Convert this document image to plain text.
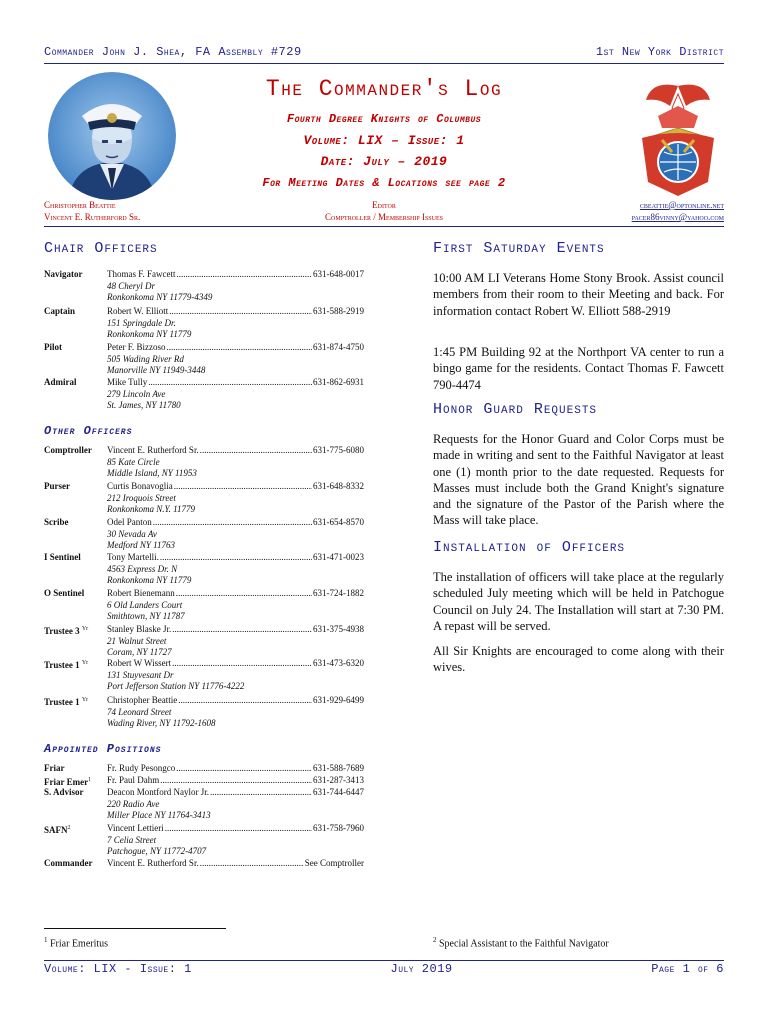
Commander John J. Shea, FA Assembly #729	1st New York District
The Commander's Log
Fourth Degree Knights of Columbus
Volume: LIX – Issue: 1
Date: July – 2019
For Meeting Dates & Locations see page 2
Christopher Beattie	Editor	cbeattie@optonline.net
Vincent E. Rutherford Sr.	Comptroller / Membership Issues	pacer86vinny@yahoo.com
Chair Officers
Navigator	Thomas F. Fawcett .....	631-648-0017
48 Cheryl Dr
Ronkonkoma NY 11779-4349
Captain	Robert W. Elliott .....	631-588-2919
151 Springdale Dr.
Ronkonkoma NY 11779
Pilot	Peter F. Bizzoso .....	631-874-4750
505 Wading River Rd
Manorville NY 11949-3448
Admiral	Mike Tully .....	631-862-6931
279 Lincoln Ave
St. James, NY 11780
Other Officers
Comptroller	Vincent E. Rutherford Sr. .....	631-775-6080
85 Kate Circle
Middle Island, NY 11953
Purser	Curtis Bonavoglia .....	631-648-8332
212 Iroquois Street
Ronkonkoma N.Y. 11779
Scribe	Odel Panton .....	631-654-8570
30 Nevada Av
Medford NY 11763
I Sentinel	Tony Martelli. .....	631-471-0023
4563 Express Dr. N
Ronkonkoma NY 11779
O Sentinel	Robert Bienemann .....	631-724-1882
6 Old Landers Court
Smithtown, NY 11787
Trustee 3 $^{Yr}$	Stanley Blaske Jr. .....	631-375-4938
21 Walnut Street
Coram, NY 11727
Trustee 1 $^{Yr}$	Robert W Wissert .....	631-473-6320
131 Stuyvesant Dr
Port Jefferson Station NY 11776-4222
Trustee 1 $^{Yr}$	Christopher Beattie .....	631-929-6499
74 Leonard Street
Wading River, NY 11792-1608
Appointed Positions
Friar	Fr. Rudy Pesongco .....	631-588-7689
Friar Emer$^1$	Fr. Paul Dahm .....	631-287-3413
S. Advisor	Deacon Montford Naylor Jr. .....	631-744-6447
220 Radio Ave
Miller Place NY 11764-3413
SAFN$^2$	Vincent Lettieri .....	631-758-7960
7 Celia Street
Patchogue, NY 11772-4707
Commander	Vincent E. Rutherford Sr. .....	See Comptroller
First Saturday Events
10:00 AM LI Veterans Home Stony Brook. Assist council members from their room to their Meeting and back. For information contact Robert W. Elliott 588-2919
1:45 PM Building 92 at the Northport VA center to run a bingo game for the residents. Contact Thomas F. Fawcett 790-4474
Honor Guard Requests
Requests for the Honor Guard and Color Corps must be made in writing and sent to the Faithful Navigator at least one (1) month prior to the date requested. Requests for Masses must include both the Grand Knight's signature and the signature of the Pastor of the Parish where the Mass will take place.
Installation of Officers
The installation of officers will take place at the regularly scheduled July meeting which will be held in Patchogue Council on July 24. The Installation will start at 7:30 PM. A repast will be served.
All Sir Knights are encouraged to come along with their wives.
$^1$ Friar Emeritus	$^2$ Special Assistant to the Faithful Navigator
Volume: LIX - Issue: 1	July 2019	Page 1 of 6
